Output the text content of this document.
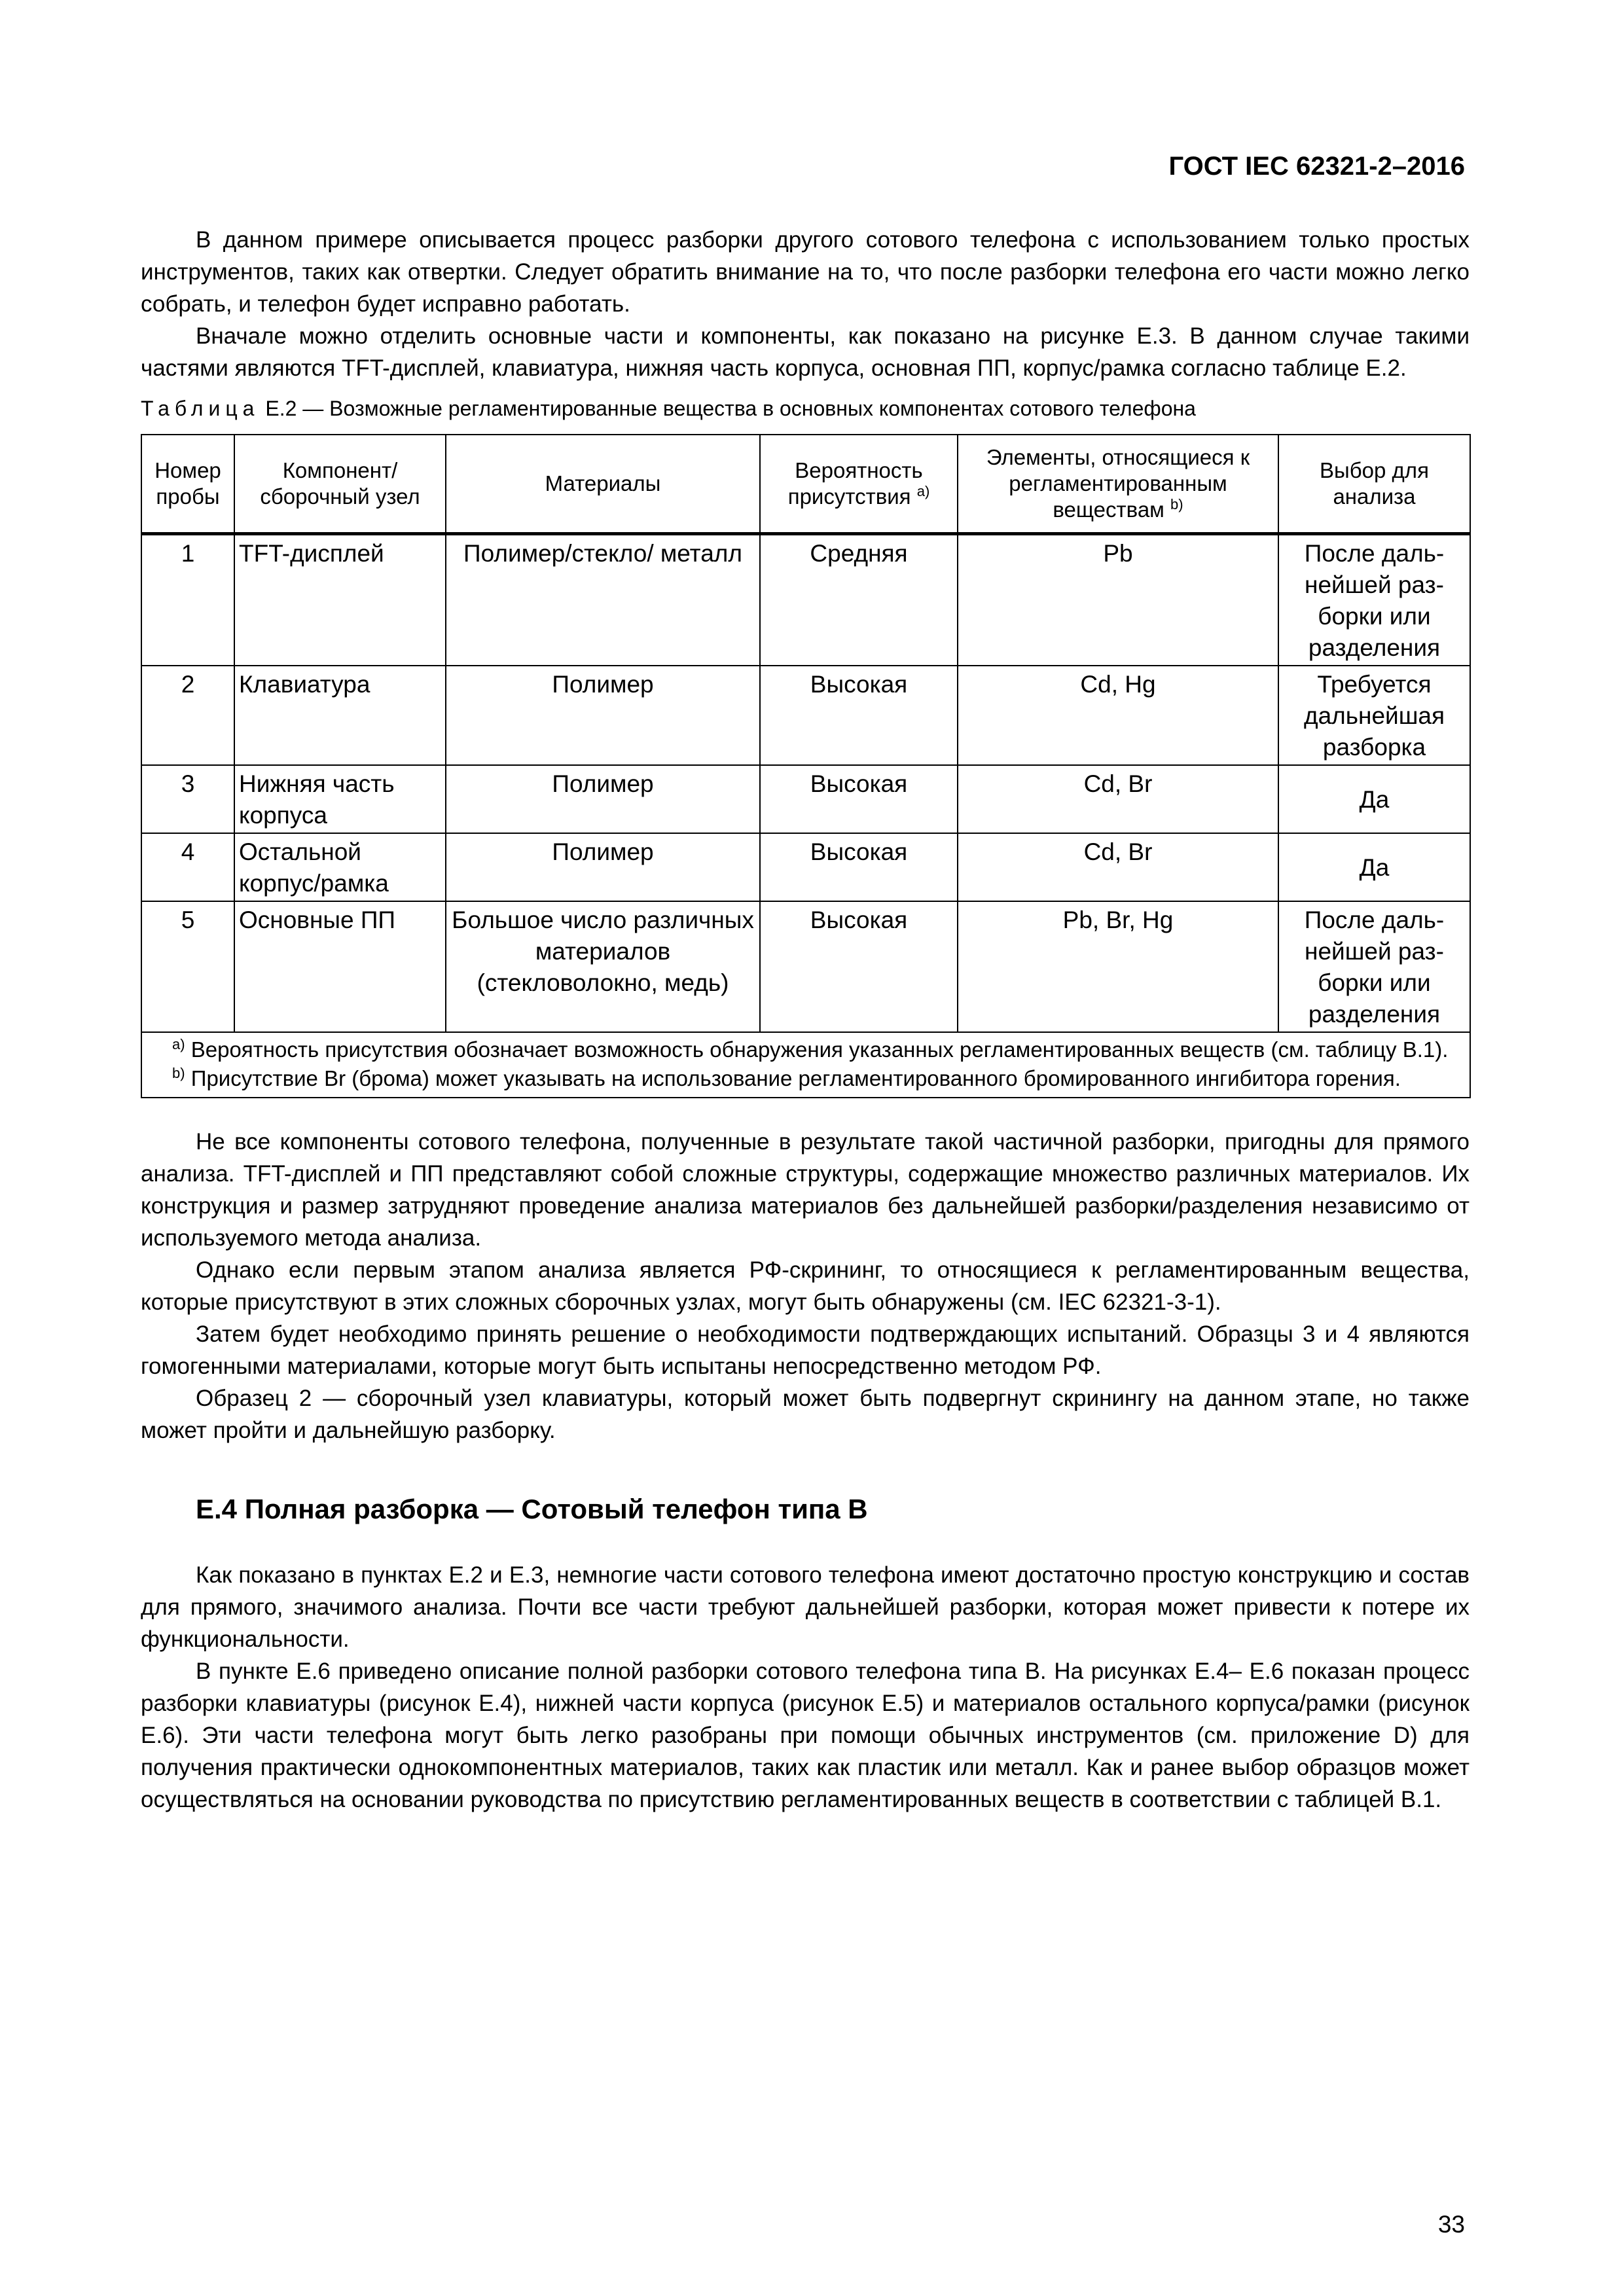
ГОСТ IEC 62321-2–2016

В данном примере описывается процесс разборки другого сотового телефона с использованием только простых инструментов, таких как отвертки. Следует обратить внимание на то, что после разборки телефона его части можно легко собрать, и телефон будет исправно работать.

Вначале можно отделить основные части и компоненты, как показано на рисунке Е.3. В данном случае такими частями являются TFT-дисплей, клавиатура, нижняя часть корпуса, основная ПП, корпус/рамка согласно таблице Е.2.

Таблица Е.2 — Возможные регламентированные вещества в основных компонентах сотового телефона
Номер пробы	Компонент/ сборочный узел	Материалы	Вероятность присутствия $^{a)}$	Элементы, относящиеся к регламентированным веществам $^{b)}$	Выбор для анализа
1	TFT-дисплей	Полимер/стекло/ металл	Средняя	Pb	После даль- нейшей раз- борки или разделения
2	Клавиатура	Полимер	Высокая	Cd, Hg	Требуется дальнейшая разборка
3	Нижняя часть корпуса	Полимер	Высокая	Cd, Br	Да
4	Остальной корпус/рамка	Полимер	Высокая	Cd, Br	Да
5	Основные ПП	Большое число различных материалов (стекловолокно, медь)	Высокая	Pb, Br, Hg	После даль- нейшей раз- борки или разделения

$^{a)}$ Вероятность присутствия обозначает возможность обнаружения указанных регламентированных веществ (см. таблицу В.1).
$^{b)}$ Присутствие Br (брома) может указывать на использование регламентированного бромированного ингибитора горения.					

Не все компоненты сотового телефона, полученные в результате такой частичной разборки, пригодны для прямого анализа. TFT-дисплей и ПП представляют собой сложные структуры, содержащие множество различных материалов. Их конструкция и размер затрудняют проведение анализа материалов без дальнейшей разборки/разделения независимо от используемого метода анализа.

Однако если первым этапом анализа является РФ-скрининг, то относящиеся к регламентированным вещества, которые присутствуют в этих сложных сборочных узлах, могут быть обнаружены (см. IEC 62321-3-1).

Затем будет необходимо принять решение о необходимости подтверждающих испытаний. Образцы 3 и 4 являются гомогенными материалами, которые могут быть испытаны непосредственно методом РФ.

Образец 2 — сборочный узел клавиатуры, который может быть подвергнут скринингу на данном этапе, но также может пройти и дальнейшую разборку.

Е.4 Полная разборка — Сотовый телефон типа В

Как показано в пунктах Е.2 и Е.3, немногие части сотового телефона имеют достаточно простую конструкцию и состав для прямого, значимого анализа. Почти все части требуют дальнейшей разборки, которая может привести к потере их функциональности.

В пункте Е.6 приведено описание полной разборки сотового телефона типа В. На рисунках Е.4– Е.6 показан процесс разборки клавиатуры (рисунок Е.4), нижней части корпуса (рисунок Е.5) и материалов остального корпуса/рамки (рисунок Е.6). Эти части телефона могут быть легко разобраны при помощи обычных инструментов (см. приложение D) для получения практически однокомпонентных материалов, таких как пластик или металл. Как и ранее выбор образцов может осуществляться на основании руководства по присутствию регламентированных веществ в соответствии с таблицей В.1.

33
